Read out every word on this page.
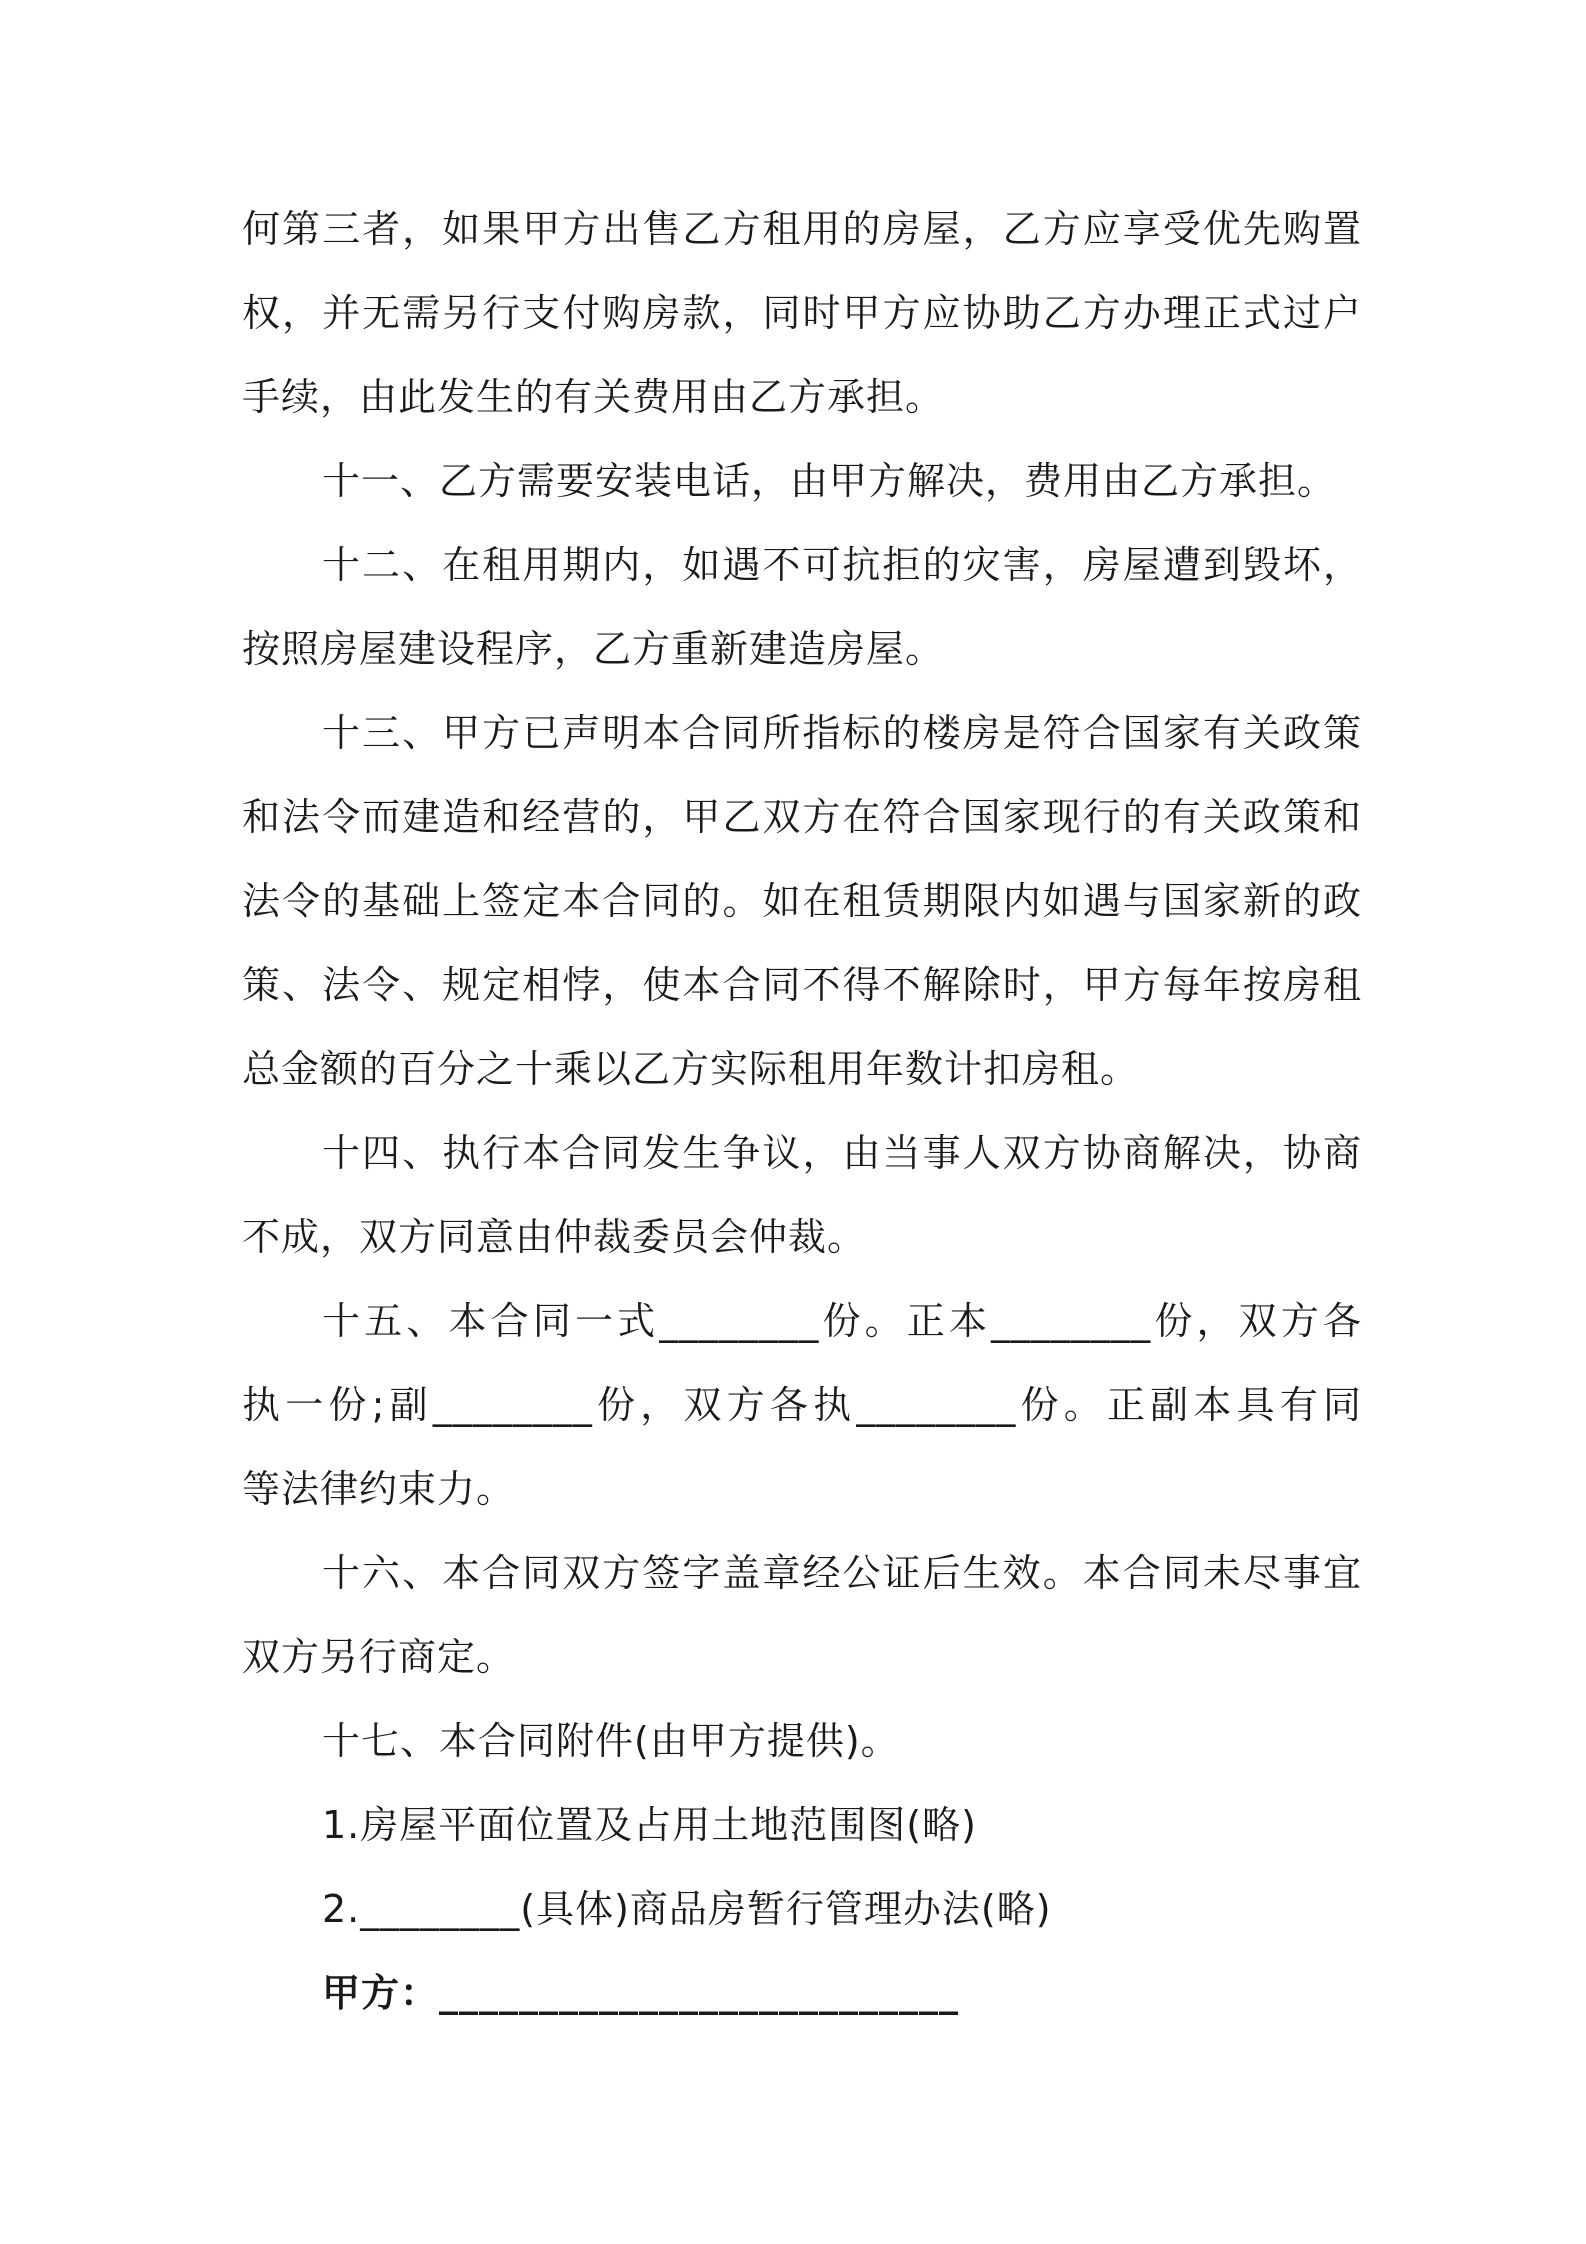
何第三者，如果甲方出售乙方租用的房屋，乙方应享受优先购置
权，并无需另行支付购房款，同时甲方应协助乙方办理正式过户
手续，由此发生的有关费用由乙方承担。
十一、乙方需要安装电话，由甲方解决，费用由乙方承担。
十二、在租用期内，如遇不可抗拒的灾害，房屋遭到毁坏，
按照房屋建设程序，乙方重新建造房屋。
十三、甲方已声明本合同所指标的楼房是符合国家有关政策
和法令而建造和经营的，甲乙双方在符合国家现行的有关政策和
法令的基础上签定本合同的。如在租赁期限内如遇与国家新的政
策、法令、规定相悖，使本合同不得不解除时，甲方每年按房租
总金额的百分之十乘以乙方实际租用年数计扣房租。
十四、执行本合同发生争议，由当事人双方协商解决，协商
不成，双方同意由仲裁委员会仲裁。
十五、本合同一式________份。正本________份，双方各
执一份;副________份，双方各执________份。正副本具有同
等法律约束力。
十六、本合同双方签字盖章经公证后生效。本合同未尽事宜
双方另行商定。
十七、本合同附件(由甲方提供)。
1.房屋平面位置及占用土地范围图(略)
2.________(具体)商品房暂行管理办法(略)
甲方：__________________________
